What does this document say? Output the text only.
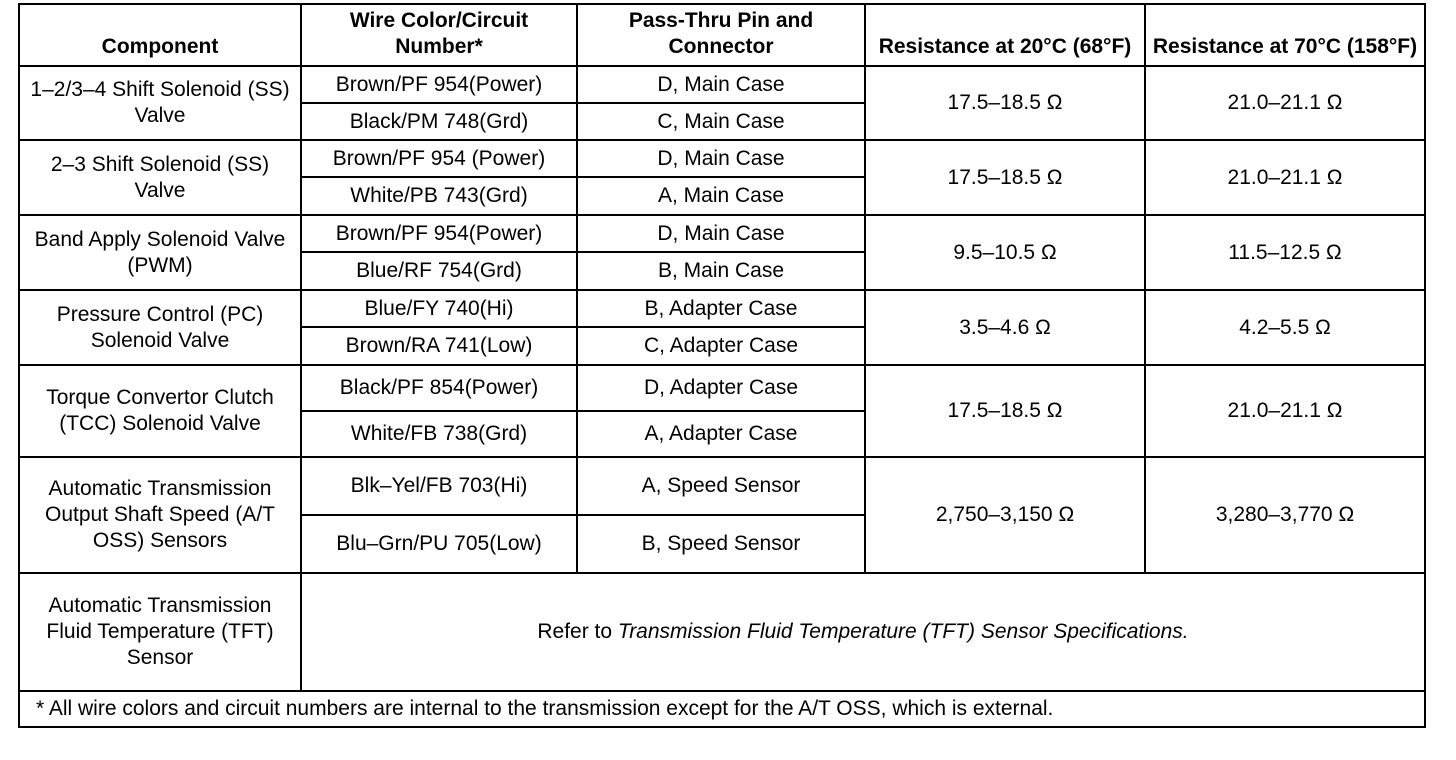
Component	Wire Color/Circuit Number*	Pass-Thru Pin and Connector	Resistance at 20°C (68°F)	Resistance at 70°C (158°F)
1–2/3–4 Shift Solenoid (SS) Valve	Brown/PF 954(Power)	D, Main Case	17.5–18.5 Ω	21.0–21.1 Ω
	Black/PM 748(Grd)	C, Main Case		
2–3 Shift Solenoid (SS) Valve	Brown/PF 954 (Power)	D, Main Case	17.5–18.5 Ω	21.0–21.1 Ω
	White/PB 743(Grd)	A, Main Case		
Band Apply Solenoid Valve (PWM)	Brown/PF 954(Power)	D, Main Case	9.5–10.5 Ω	11.5–12.5 Ω
	Blue/RF 754(Grd)	B, Main Case		
Pressure Control (PC) Solenoid Valve	Blue/FY 740(Hi)	B, Adapter Case	3.5–4.6 Ω	4.2–5.5 Ω
	Brown/RA 741(Low)	C, Adapter Case		
Torque Convertor Clutch (TCC) Solenoid Valve	Black/PF 854(Power)	D, Adapter Case	17.5–18.5 Ω	21.0–21.1 Ω
	White/FB 738(Grd)	A, Adapter Case		
Automatic Transmission Output Shaft Speed (A/T OSS) Sensors	Blk–Yel/FB 703(Hi)	A, Speed Sensor	2,750–3,150 Ω	3,280–3,770 Ω
	Blu–Grn/PU 705(Low)	B, Speed Sensor		
Automatic Transmission Fluid Temperature (TFT) Sensor	Refer to Transmission Fluid Temperature (TFT) Sensor Specifications.			
* All wire colors and circuit numbers are internal to the transmission except for the A/T OSS, which is external.				
